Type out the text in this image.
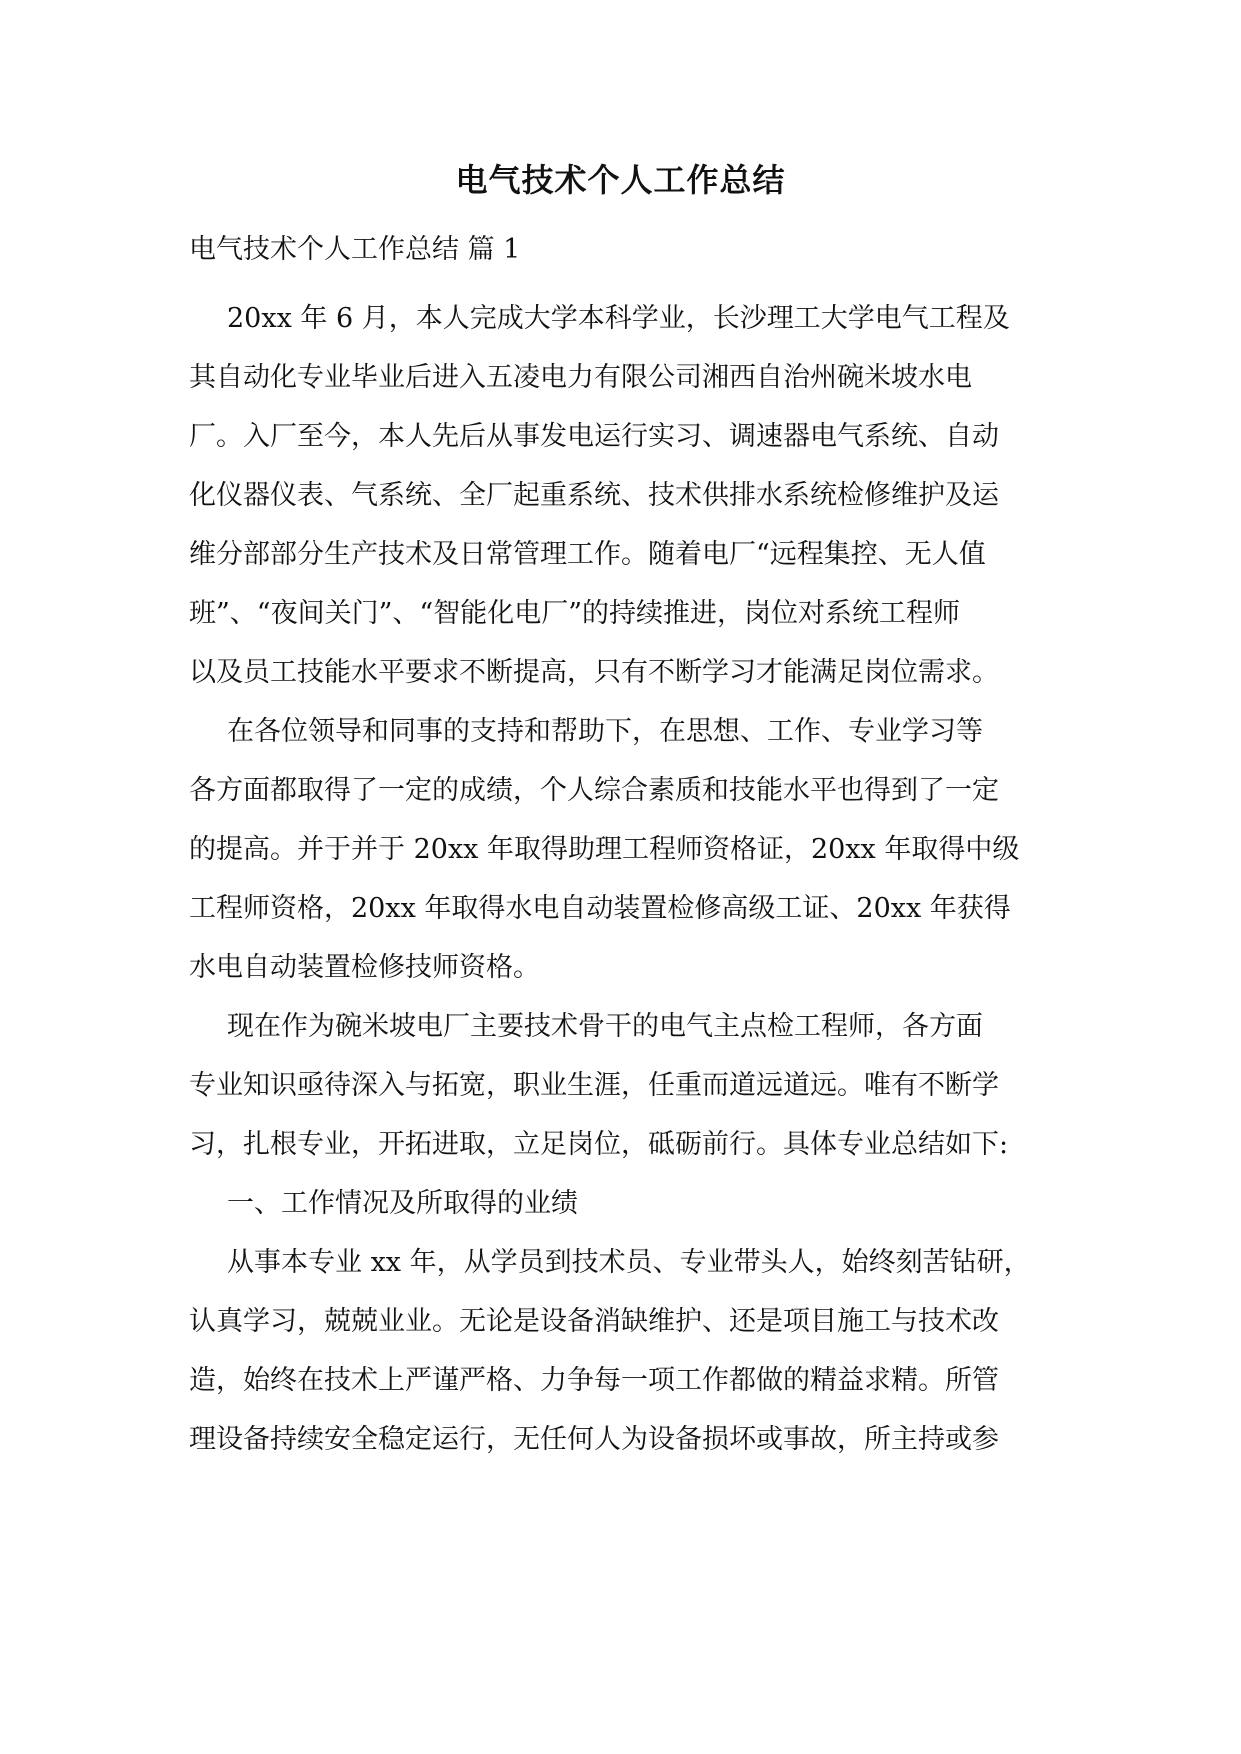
电气技术个人工作总结
电气技术个人工作总结 篇 1
20xx 年 6 月，本人完成大学本科学业，长沙理工大学电气工程及
其自动化专业毕业后进入五凌电力有限公司湘西自治州碗米坡水电
厂。入厂至今，本人先后从事发电运行实习、调速器电气系统、自动
化仪器仪表、气系统、全厂起重系统、技术供排水系统检修维护及运
维分部部分生产技术及日常管理工作。随着电厂“远程集控、无人值
班”、“夜间关门”、“智能化电厂”的持续推进，岗位对系统工程师
以及员工技能水平要求不断提高，只有不断学习才能满足岗位需求。
在各位领导和同事的支持和帮助下，在思想、工作、专业学习等
各方面都取得了一定的成绩，个人综合素质和技能水平也得到了一定
的提高。并于并于 20xx 年取得助理工程师资格证，20xx 年取得中级
工程师资格，20xx 年取得水电自动装置检修高级工证、20xx 年获得
水电自动装置检修技师资格。
现在作为碗米坡电厂主要技术骨干的电气主点检工程师，各方面
专业知识亟待深入与拓宽，职业生涯，任重而道远道远。唯有不断学
习，扎根专业，开拓进取，立足岗位，砥砺前行。具体专业总结如下:
一、工作情况及所取得的业绩
从事本专业 xx 年，从学员到技术员、专业带头人，始终刻苦钻研，
认真学习，兢兢业业。无论是设备消缺维护、还是项目施工与技术改
造，始终在技术上严谨严格、力争每一项工作都做的精益求精。所管
理设备持续安全稳定运行，无任何人为设备损坏或事故，所主持或参
